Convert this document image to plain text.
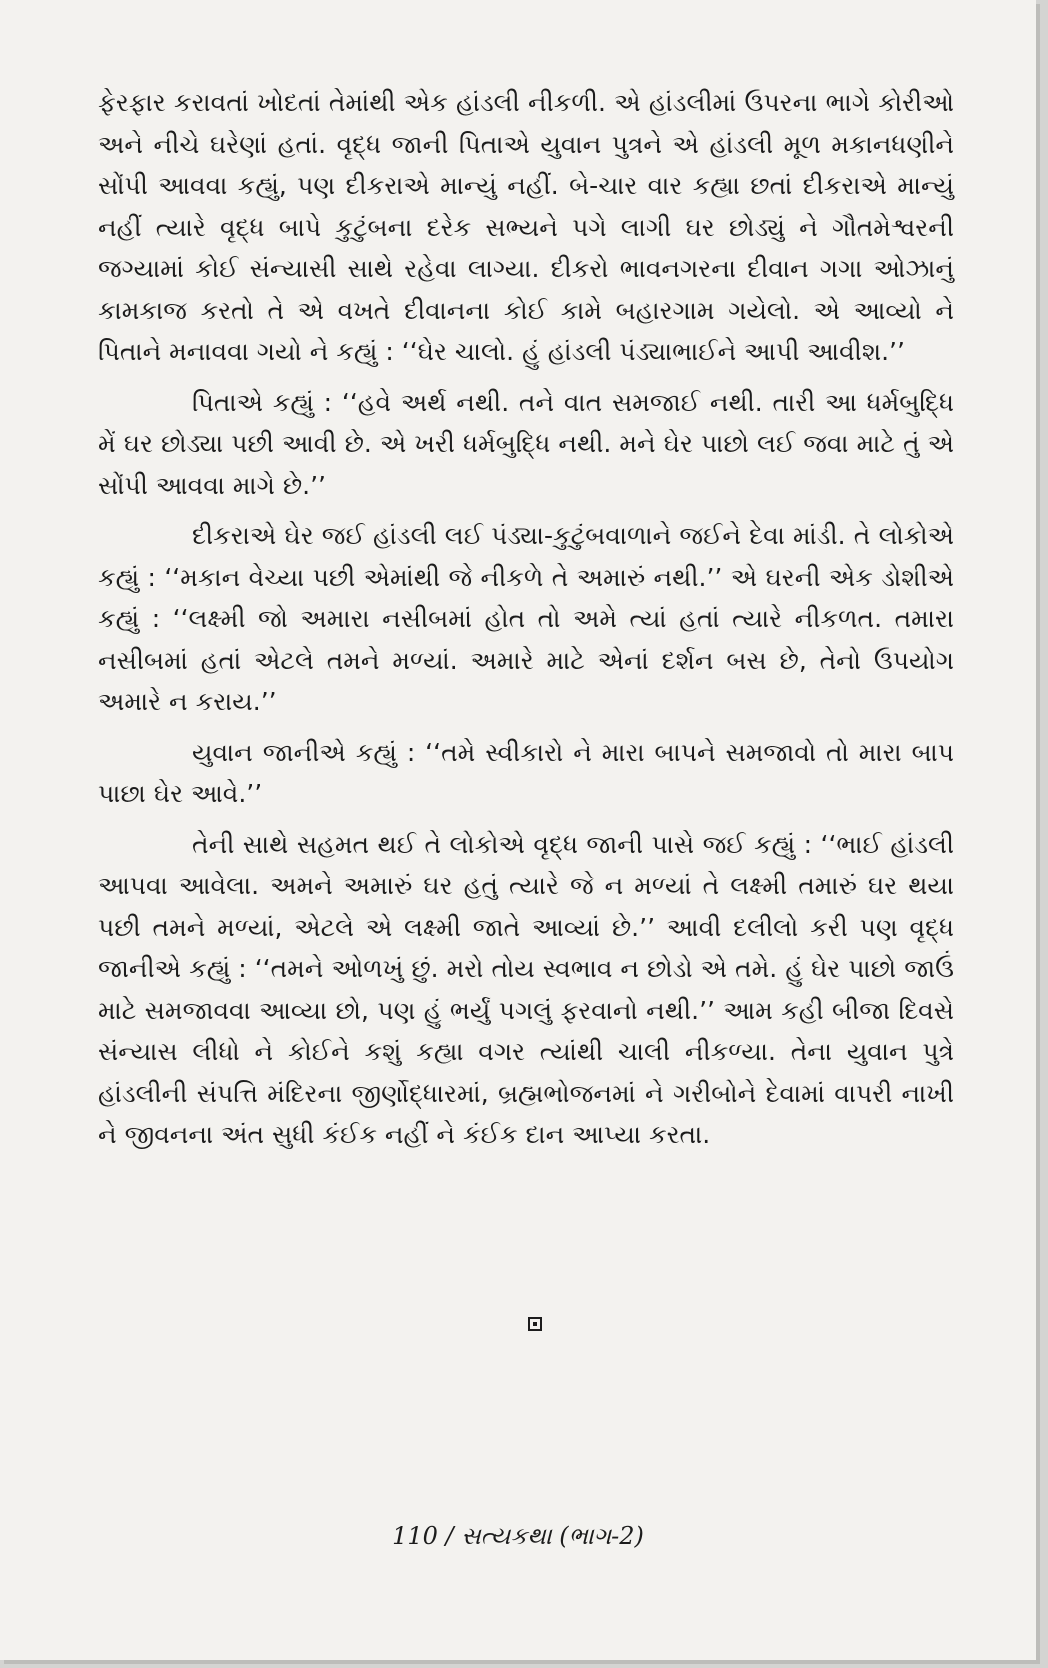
ફેરફાર કરાવતાં ખોદતાં તેમાંથી એક હાંડલી નીકળી. એ હાંડલીમાં ઉપરના ભાગે કોરીઓ અને નીચે ઘરેણાં હતાં. વૃદ્ધ જાની પિતાએ યુવાન પુત્રને એ હાંડલી મૂળ મકાનધણીને સોંપી આવવા કહ્યું, પણ દીકરાએ માન્યું નહીં. બે-ચાર વાર કહ્યા છતાં દીકરાએ માન્યું નહીં ત્યારે વૃદ્ધ બાપે કુટુંબના દરેક સભ્યને પગે લાગી ઘર છોડ્યું ને ગૌતમેશ્વરની જગ્યામાં કોઈ સંન્યાસી સાથે રહેવા લાગ્યા. દીકરો ભાવનગરના દીવાન ગગા ઓઝાનું કામકાજ કરતો તે એ વખતે દીવાનના કોઈ કામે બહારગામ ગયેલો. એ આવ્યો ને પિતાને મનાવવા ગયો ને કહ્યું : ‘‘ઘેર ચાલો. હું હાંડલી પંડ્યાભાઈને આપી આવીશ.’’

પિતાએ કહ્યું : ‘‘હવે અર્થ નથી. તને વાત સમજાઈ નથી. તારી આ ધર્મબુદ્ધિ મેં ઘર છોડ્યા પછી આવી છે. એ ખરી ધર્મબુદ્ધિ નથી. મને ઘેર પાછો લઈ જવા માટે તું એ સોંપી આવવા માગે છે.’’

દીકરાએ ઘેર જઈ હાંડલી લઈ પંડ્યા-કુટુંબવાળાને જઈને દેવા માંડી. તે લોકોએ કહ્યું : ‘‘મકાન વેચ્યા પછી એમાંથી જે નીકળે તે અમારું નથી.’’ એ ઘરની એક ડોશીએ કહ્યું : ‘‘લક્ષ્મી જો અમારા નસીબમાં હોત તો અમે ત્યાં હતાં ત્યારે નીકળત. તમારા નસીબમાં હતાં એટલે તમને મળ્યાં. અમારે માટે એનાં દર્શન બસ છે, તેનો ઉપયોગ અમારે ન કરાય.’’

યુવાન જાનીએ કહ્યું : ‘‘તમે સ્વીકારો ને મારા બાપને સમજાવો તો મારા બાપ પાછા ઘેર આવે.’’

તેની સાથે સહમત થઈ તે લોકોએ વૃદ્ધ જાની પાસે જઈ કહ્યું : ‘‘ભાઈ હાંડલી આપવા આવેલા. અમને અમારું ઘર હતું ત્યારે જે ન મળ્યાં તે લક્ષ્મી તમારું ઘર થયા પછી તમને મળ્યાં, એટલે એ લક્ષ્મી જાતે આવ્યાં છે.’’ આવી દલીલો કરી પણ વૃદ્ધ જાનીએ કહ્યું : ‘‘તમને ઓળખું છું. મરો તોય સ્વભાવ ન છોડો એ તમે. હું ઘેર પાછો જાઉં માટે સમજાવવા આવ્યા છો, પણ હું ભર્યું પગલું ફરવાનો નથી.’’ આમ કહી બીજા દિવસે સંન્યાસ લીધો ને કોઈને કશું કહ્યા વગર ત્યાંથી ચાલી નીકળ્યા. તેના યુવાન પુત્રે હાંડલીની સંપત્તિ મંદિરના જીર્ણોદ્ધારમાં, બ્રહ્મભોજનમાં ને ગરીબોને દેવામાં વાપરી નાખી ને જીવનના અંત સુધી કંઈક નહીં ને કંઈક દાન આપ્યા કરતા.

110 / સત્યકથા (ભાગ-2)
